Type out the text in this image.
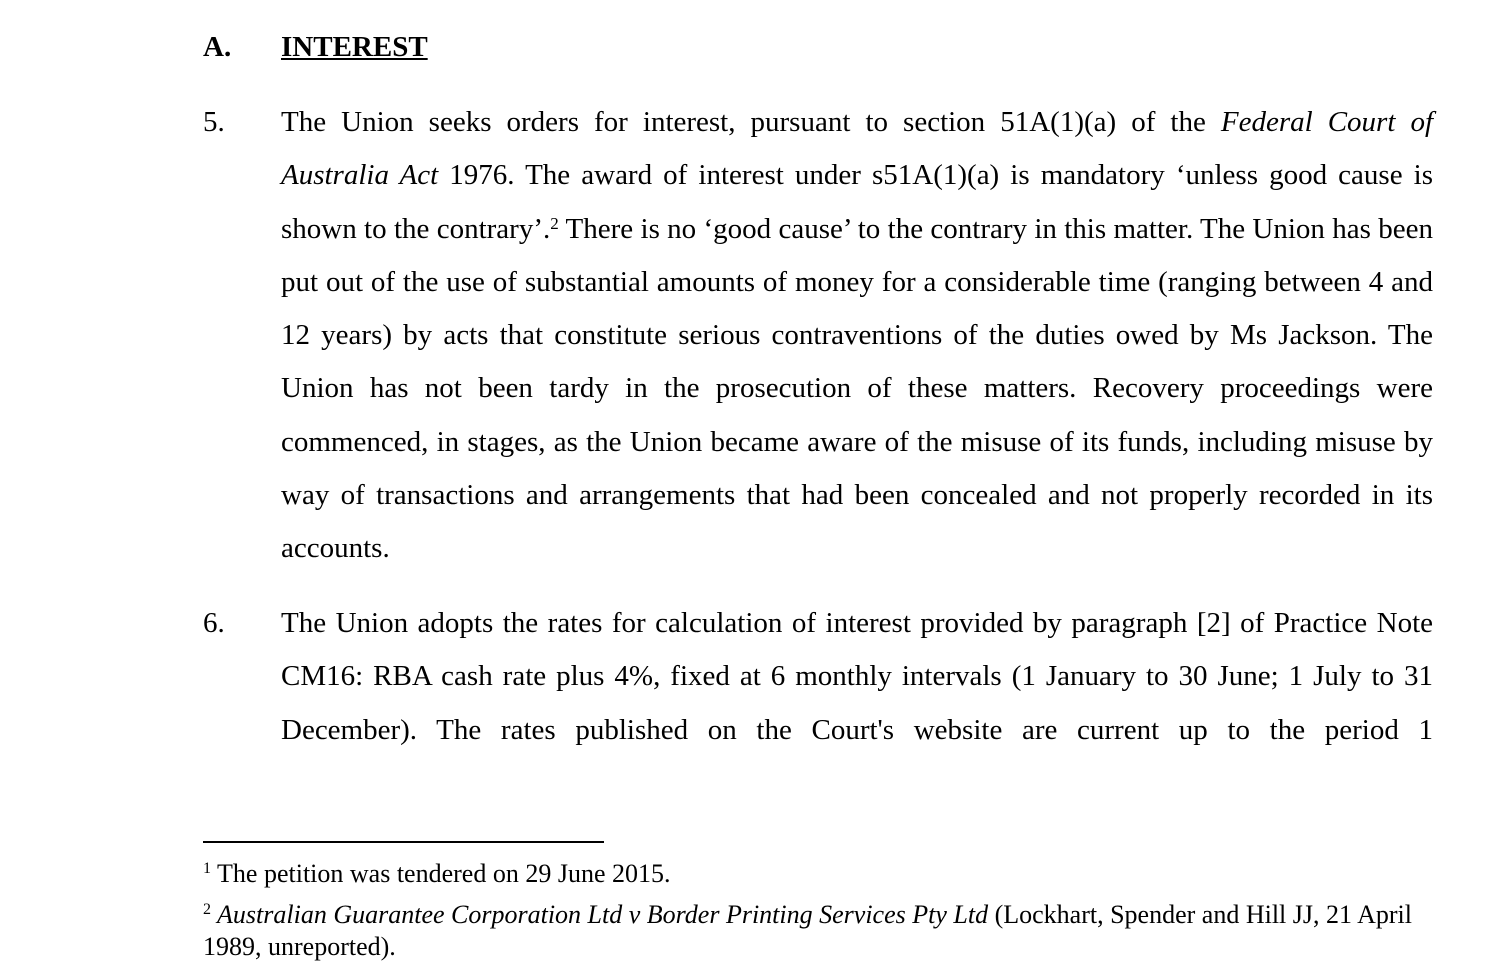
A. INTEREST
5. The Union seeks orders for interest, pursuant to section 51A(1)(a) of the Federal Court of Australia Act 1976. The award of interest under s51A(1)(a) is mandatory ‘unless good cause is shown to the contrary’.$^2$ There is no ‘good cause’ to the contrary in this matter. The Union has been put out of the use of substantial amounts of money for a considerable time (ranging between 4 and 12 years) by acts that constitute serious contraventions of the duties owed by Ms Jackson. The Union has not been tardy in the prosecution of these matters. Recovery proceedings were commenced, in stages, as the Union became aware of the misuse of its funds, including misuse by way of transactions and arrangements that had been concealed and not properly recorded in its accounts.
6. The Union adopts the rates for calculation of interest provided by paragraph [2] of Practice Note CM16: RBA cash rate plus 4%, fixed at 6 monthly intervals (1 January to 30 June; 1 July to 31 December). The rates published on the Court's website are current up to the period 1
$^1$ The petition was tendered on 29 June 2015.
$^2$ Australian Guarantee Corporation Ltd v Border Printing Services Pty Ltd (Lockhart, Spender and Hill JJ, 21 April 1989, unreported).
